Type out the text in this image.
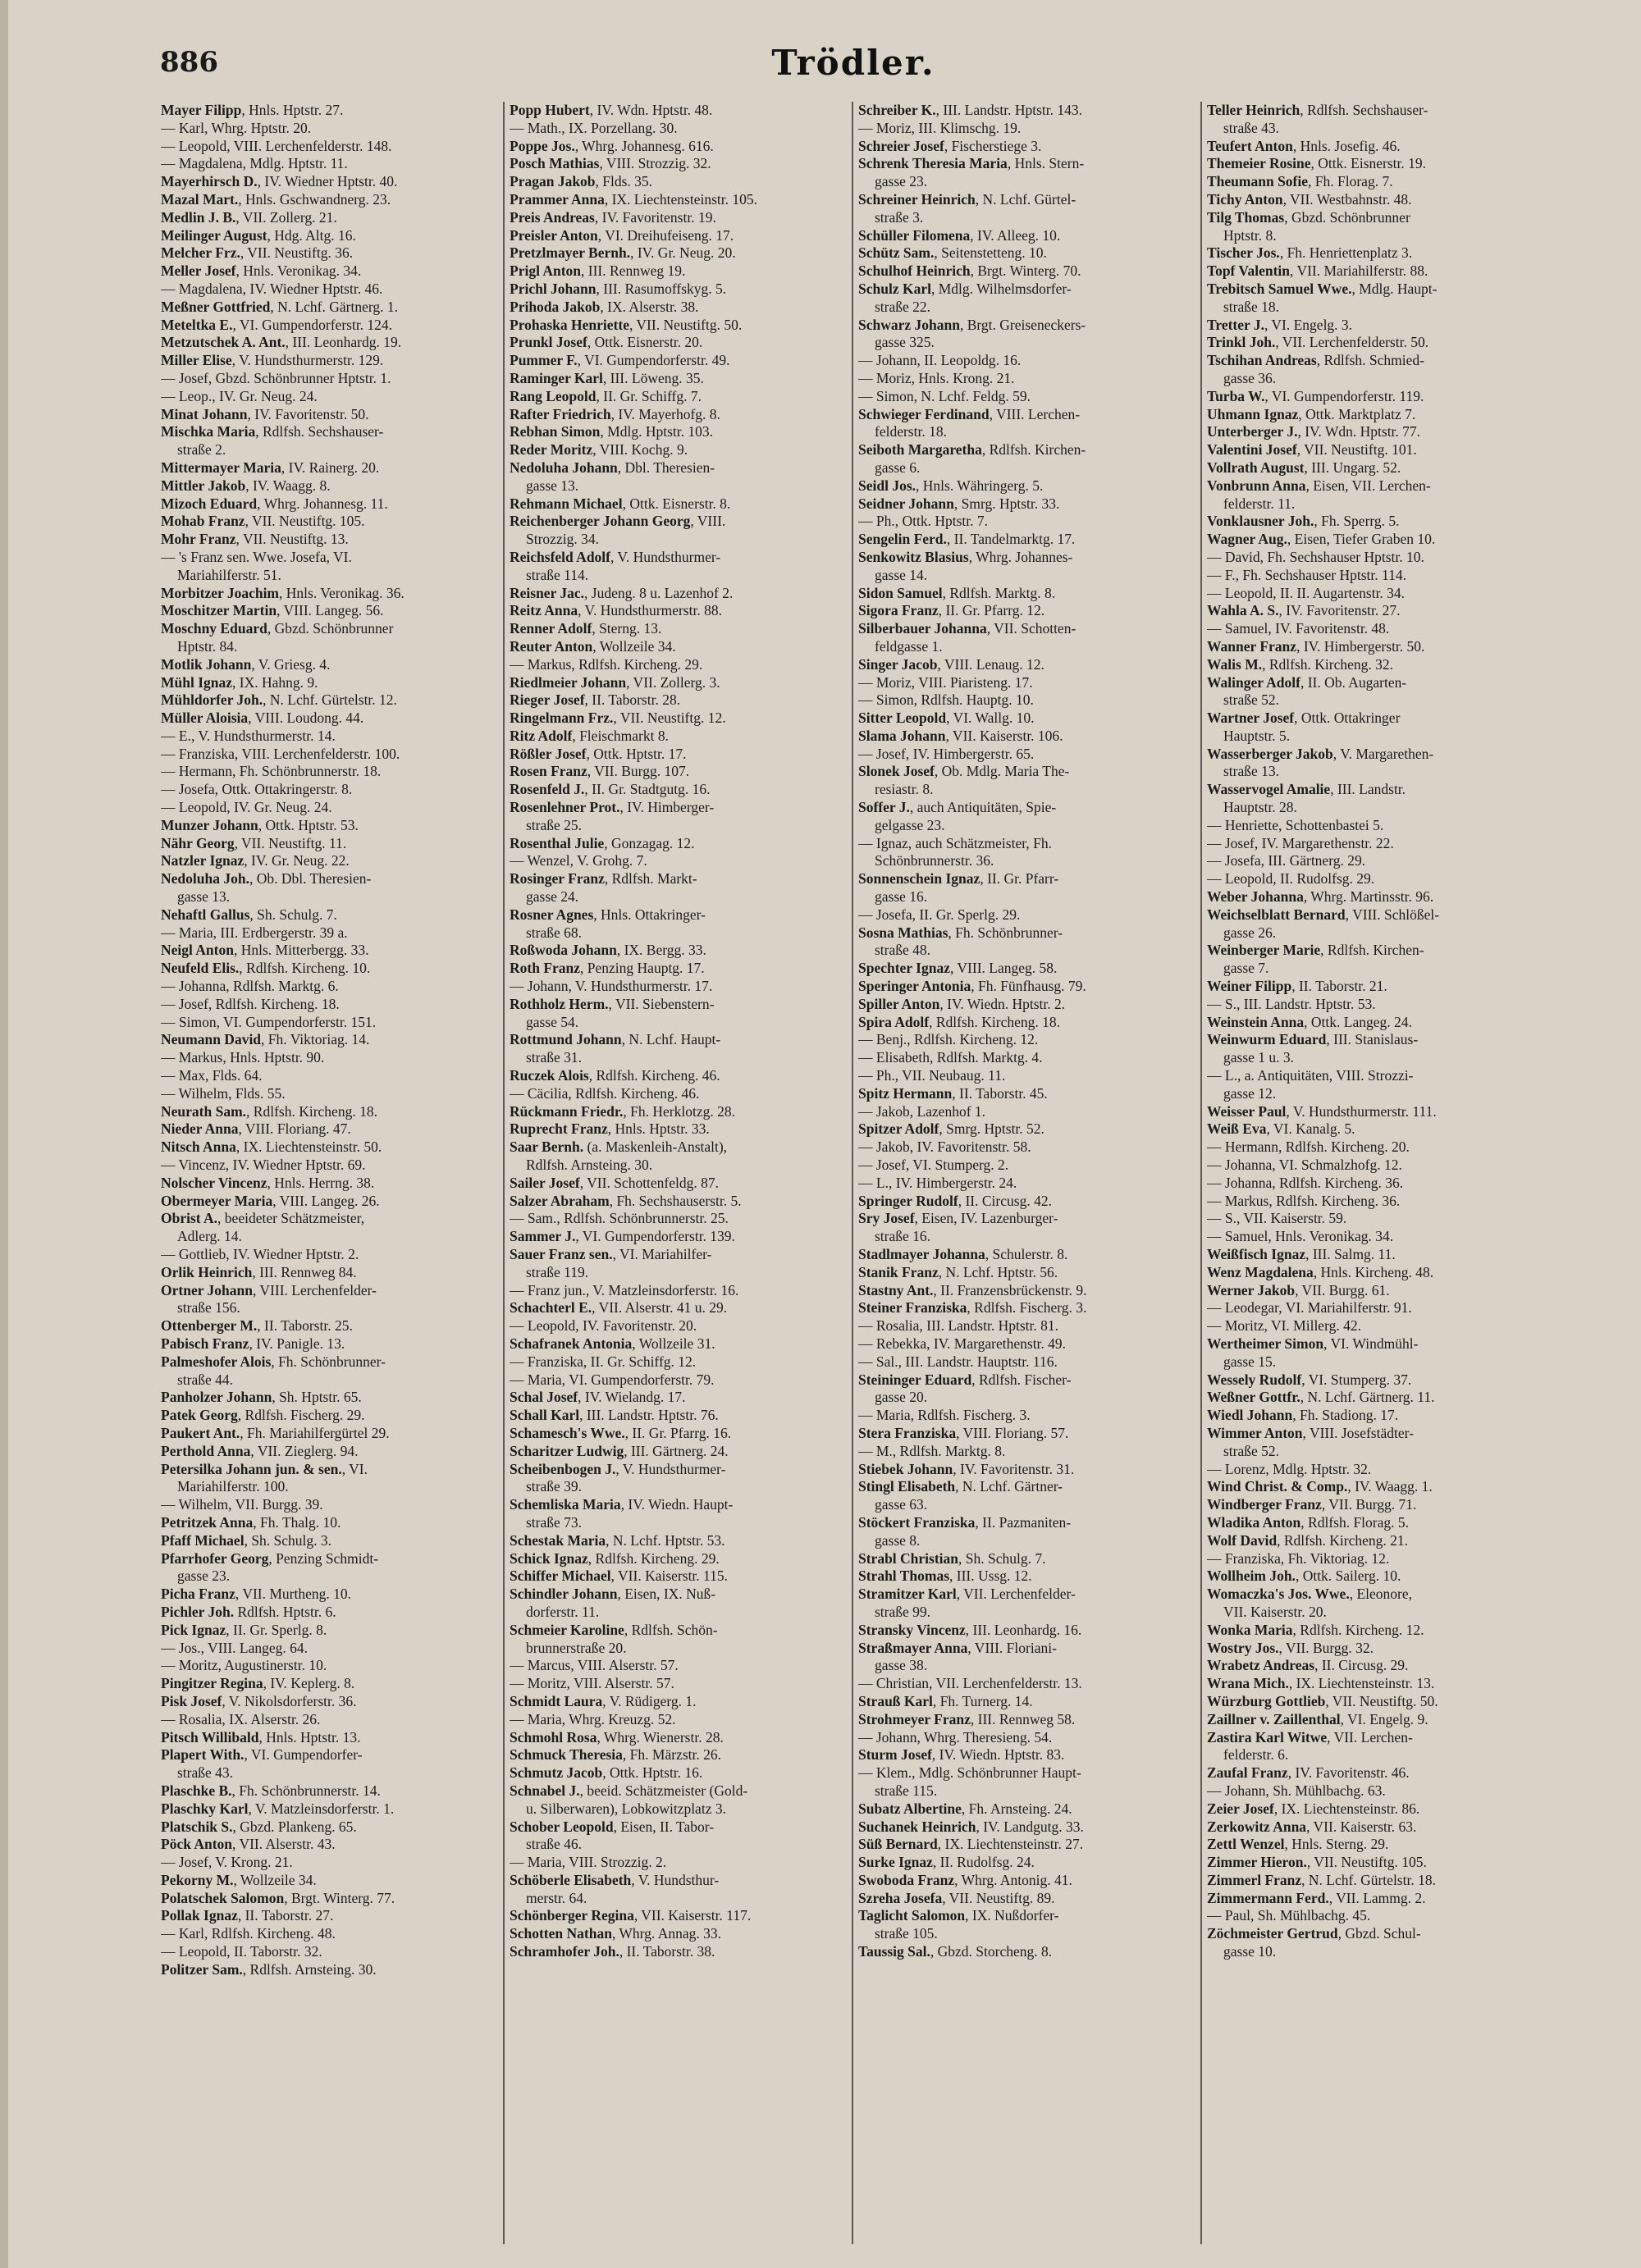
886	Trödler.
Mayer Filipp, Hnls. Hptstr. 27.
— Karl, Whrg. Hptstr. 20.
— Leopold, VIII. Lerchenfelderstr. 148.
— Magdalena, Mdlg. Hptstr. 11.
Mayerhirsch D., IV. Wiedner Hptstr. 40.
Mazal Mart., Hnls. Gschwandnerg. 23.
Medlin J. B., VII. Zollerg. 21.
Meilinger August, Hdg. Altg. 16.
Melcher Frz., VII. Neustiftg. 36.
Meller Josef, Hnls. Veronikag. 34.
— Magdalena, IV. Wiedner Hptstr. 46.
Meßner Gottfried, N. Lchf. Gärtnerg. 1.
Meteltka E., VI. Gumpendorferstr. 124.
Metzutschek A. Ant., III. Leonhardg. 19.
Miller Elise, V. Hundsthurmerstr. 129.
— Josef, Gbzd. Schönbrunner Hptstr. 1.
— Leop., IV. Gr. Neug. 24.
Minat Johann, IV. Favoritenstr. 50.
Mischka Maria, Rdlfsh. Sechshauser-
straße 2.
Mittermayer Maria, IV. Rainerg. 20.
Mittler Jakob, IV. Waagg. 8.
Mizoch Eduard, Whrg. Johannesg. 11.
Mohab Franz, VII. Neustiftg. 105.
Mohr Franz, VII. Neustiftg. 13.
— 's Franz sen. Wwe. Josefa, VI.
Mariahilferstr. 51.
Morbitzer Joachim, Hnls. Veronikag. 36.
Moschitzer Martin, VIII. Langeg. 56.
Moschny Eduard, Gbzd. Schönbrunner
Hptstr. 84.
Motlik Johann, V. Griesg. 4.
Mühl Ignaz, IX. Hahng. 9.
Mühldorfer Joh., N. Lchf. Gürtelstr. 12.
Müller Aloisia, VIII. Loudong. 44.
— E., V. Hundsthurmerstr. 14.
— Franziska, VIII. Lerchenfelderstr. 100.
— Hermann, Fh. Schönbrunnerstr. 18.
— Josefa, Ottk. Ottakringerstr. 8.
— Leopold, IV. Gr. Neug. 24.
Munzer Johann, Ottk. Hptstr. 53.
Nähr Georg, VII. Neustiftg. 11.
Natzler Ignaz, IV. Gr. Neug. 22.
Nedoluha Joh., Ob. Dbl. Theresien-
gasse 13.
Nehaftl Gallus, Sh. Schulg. 7.
— Maria, III. Erdbergerstr. 39 a.
Neigl Anton, Hnls. Mitterbergg. 33.
Neufeld Elis., Rdlfsh. Kircheng. 10.
— Johanna, Rdlfsh. Marktg. 6.
— Josef, Rdlfsh. Kircheng. 18.
— Simon, VI. Gumpendorferstr. 151.
Neumann David, Fh. Viktoriag. 14.
— Markus, Hnls. Hptstr. 90.
— Max, Flds. 64.
— Wilhelm, Flds. 55.
Neurath Sam., Rdlfsh. Kircheng. 18.
Nieder Anna, VIII. Floriang. 47.
Nitsch Anna, IX. Liechtensteinstr. 50.
— Vincenz, IV. Wiedner Hptstr. 69.
Nolscher Vincenz, Hnls. Herrng. 38.
Obermeyer Maria, VIII. Langeg. 26.
Obrist A., beeideter Schätzmeister,
Adlerg. 14.
— Gottlieb, IV. Wiedner Hptstr. 2.
Orlik Heinrich, III. Rennweg 84.
Ortner Johann, VIII. Lerchenfelder-
straße 156.
Ottenberger M., II. Taborstr. 25.
Pabisch Franz, IV. Panigle. 13.
Palmeshofer Alois, Fh. Schönbrunner-
straße 44.
Panholzer Johann, Sh. Hptstr. 65.
Patek Georg, Rdlfsh. Fischerg. 29.
Paukert Ant., Fh. Mariahilfergürtel 29.
Perthold Anna, VII. Zieglerg. 94.
Petersilka Johann jun. & sen., VI.
Mariahilferstr. 100.
— Wilhelm, VII. Burgg. 39.
Petritzek Anna, Fh. Thalg. 10.
Pfaff Michael, Sh. Schulg. 3.
Pfarrhofer Georg, Penzing Schmidt-
gasse 23.
Picha Franz, VII. Murtheng. 10.
Pichler Joh. Rdlfsh. Hptstr. 6.
Pick Ignaz, II. Gr. Sperlg. 8.
— Jos., VIII. Langeg. 64.
— Moritz, Augustinerstr. 10.
Pingitzer Regina, IV. Keplerg. 8.
Pisk Josef, V. Nikolsdorferstr. 36.
— Rosalia, IX. Alserstr. 26.
Pitsch Willibald, Hnls. Hptstr. 13.
Plapert With., VI. Gumpendorfer-
straße 43.
Plaschke B., Fh. Schönbrunnerstr. 14.
Plaschky Karl, V. Matzleinsdorferstr. 1.
Platschik S., Gbzd. Plankeng. 65.
Pöck Anton, VII. Alserstr. 43.
— Josef, V. Krong. 21.
Pekorny M., Wollzeile 34.
Polatschek Salomon, Brgt. Winterg. 77.
Pollak Ignaz, II. Taborstr. 27.
— Karl, Rdlfsh. Kircheng. 48.
— Leopold, II. Taborstr. 32.
Politzer Sam., Rdlfsh. Arnsteing. 30.
Popp Hubert, IV. Wdn. Hptstr. 48.
— Math., IX. Porzellang. 30.
Poppe Jos., Whrg. Johannesg. 616.
Posch Mathias, VIII. Strozzig. 32.
Pragan Jakob, Flds. 35.
Prammer Anna, IX. Liechtensteinstr. 105.
Preis Andreas, IV. Favoritenstr. 19.
Preisler Anton, VI. Dreihufeiseng. 17.
Pretzlmayer Bernh., IV. Gr. Neug. 20.
Prigl Anton, III. Rennweg 19.
Prichl Johann, III. Rasumoffskyg. 5.
Prihoda Jakob, IX. Alserstr. 38.
Prohaska Henriette, VII. Neustiftg. 50.
Prunkl Josef, Ottk. Eisnerstr. 20.
Pummer F., VI. Gumpendorferstr. 49.
Raminger Karl, III. Löweng. 35.
Rang Leopold, II. Gr. Schiffg. 7.
Rafter Friedrich, IV. Mayerhofg. 8.
Rebhan Simon, Mdlg. Hptstr. 103.
Reder Moritz, VIII. Kochg. 9.
Nedoluha Johann, Dbl. Theresien-
gasse 13.
Rehmann Michael, Ottk. Eisnerstr. 8.
Reichenberger Johann Georg, VIII.
Strozzig. 34.
Reichsfeld Adolf, V. Hundsthurmer-
straße 114.
Reisner Jac., Judeng. 8 u. Lazenhof 2.
Reitz Anna, V. Hundsthurmerstr. 88.
Renner Adolf, Sterng. 13.
Reuter Anton, Wollzeile 34.
— Markus, Rdlfsh. Kircheng. 29.
Riedlmeier Johann, VII. Zollerg. 3.
Rieger Josef, II. Taborstr. 28.
Ringelmann Frz., VII. Neustiftg. 12.
Ritz Adolf, Fleischmarkt 8.
Rößler Josef, Ottk. Hptstr. 17.
Rosen Franz, VII. Burgg. 107.
Rosenfeld J., II. Gr. Stadtgutg. 16.
Rosenlehner Prot., IV. Himberger-
straße 25.
Rosenthal Julie, Gonzagag. 12.
— Wenzel, V. Grohg. 7.
Rosinger Franz, Rdlfsh. Markt-
gasse 24.
Rosner Agnes, Hnls. Ottakringer-
straße 68.
Roßwoda Johann, IX. Bergg. 33.
Roth Franz, Penzing Hauptg. 17.
— Johann, V. Hundsthurmerstr. 17.
Rothholz Herm., VII. Siebenstern-
gasse 54.
Rottmund Johann, N. Lchf. Haupt-
straße 31.
Ruczek Alois, Rdlfsh. Kircheng. 46.
— Cäcilia, Rdlfsh. Kircheng. 46.
Rückmann Friedr., Fh. Herklotzg. 28.
Ruprecht Franz, Hnls. Hptstr. 33.
Saar Bernh. (a. Maskenleih-Anstalt),
Rdlfsh. Arnsteing. 30.
Sailer Josef, VII. Schottenfeldg. 87.
Salzer Abraham, Fh. Sechshauserstr. 5.
— Sam., Rdlfsh. Schönbrunnerstr. 25.
Sammer J., VI. Gumpendorferstr. 139.
Sauer Franz sen., VI. Mariahilfer-
straße 119.
— Franz jun., V. Matzleinsdorferstr. 16.
Schachterl E., VII. Alserstr. 41 u. 29.
— Leopold, IV. Favoritenstr. 20.
Schafranek Antonia, Wollzeile 31.
— Franziska, II. Gr. Schiffg. 12.
— Maria, VI. Gumpendorferstr. 79.
Schal Josef, IV. Wielandg. 17.
Schall Karl, III. Landstr. Hptstr. 76.
Schamesch's Wwe., II. Gr. Pfarrg. 16.
Scharitzer Ludwig, III. Gärtnerg. 24.
Scheibenbogen J., V. Hundsthurmer-
straße 39.
Schemliska Maria, IV. Wiedn. Haupt-
straße 73.
Schestak Maria, N. Lchf. Hptstr. 53.
Schick Ignaz, Rdlfsh. Kircheng. 29.
Schiffer Michael, VII. Kaiserstr. 115.
Schindler Johann, Eisen, IX. Nuß-
dorferstr. 11.
Schmeier Karoline, Rdlfsh. Schön-
brunnerstraße 20.
— Marcus, VIII. Alserstr. 57.
— Moritz, VIII. Alserstr. 57.
Schmidt Laura, V. Rüdigerg. 1.
— Maria, Whrg. Kreuzg. 52.
Schmohl Rosa, Whrg. Wienerstr. 28.
Schmuck Theresia, Fh. Märzstr. 26.
Schmutz Jacob, Ottk. Hptstr. 16.
Schnabel J., beeid. Schätzmeister (Gold-
u. Silberwaren), Lobkowitzplatz 3.
Schober Leopold, Eisen, II. Tabor-
straße 46.
— Maria, VIII. Strozzig. 2.
Schöberle Elisabeth, V. Hundsthur-
merstr. 64.
Schönberger Regina, VII. Kaiserstr. 117.
Schotten Nathan, Whrg. Annag. 33.
Schramhofer Joh., II. Taborstr. 38.
Schreiber K., III. Landstr. Hptstr. 143.
— Moriz, III. Klimschg. 19.
Schreier Josef, Fischerstiege 3.
Schrenk Theresia Maria, Hnls. Stern-
gasse 23.
Schreiner Heinrich, N. Lchf. Gürtel-
straße 3.
Schüller Filomena, IV. Alleeg. 10.
Schütz Sam., Seitenstetteng. 10.
Schulhof Heinrich, Brgt. Winterg. 70.
Schulz Karl, Mdlg. Wilhelmsdorfer-
straße 22.
Schwarz Johann, Brgt. Greiseneckers-
gasse 325.
— Johann, II. Leopoldg. 16.
— Moriz, Hnls. Krong. 21.
— Simon, N. Lchf. Feldg. 59.
Schwieger Ferdinand, VIII. Lerchen-
felderstr. 18.
Seiboth Margaretha, Rdlfsh. Kirchen-
gasse 6.
Seidl Jos., Hnls. Währingerg. 5.
Seidner Johann, Smrg. Hptstr. 33.
— Ph., Ottk. Hptstr. 7.
Sengelin Ferd., II. Tandelmarktg. 17.
Senkowitz Blasius, Whrg. Johannes-
gasse 14.
Sidon Samuel, Rdlfsh. Marktg. 8.
Sigora Franz, II. Gr. Pfarrg. 12.
Silberbauer Johanna, VII. Schotten-
feldgasse 1.
Singer Jacob, VIII. Lenaug. 12.
— Moriz, VIII. Piaristeng. 17.
— Simon, Rdlfsh. Hauptg. 10.
Sitter Leopold, VI. Wallg. 10.
Slama Johann, VII. Kaiserstr. 106.
— Josef, IV. Himbergerstr. 65.
Slonek Josef, Ob. Mdlg. Maria The-
resiastr. 8.
Soffer J., auch Antiquitäten, Spie-
gelgasse 23.
— Ignaz, auch Schätzmeister, Fh.
Schönbrunnerstr. 36.
Sonnenschein Ignaz, II. Gr. Pfarr-
gasse 16.
— Josefa, II. Gr. Sperlg. 29.
Sosna Mathias, Fh. Schönbrunner-
straße 48.
Spechter Ignaz, VIII. Langeg. 58.
Speringer Antonia, Fh. Fünfhausg. 79.
Spiller Anton, IV. Wiedn. Hptstr. 2.
Spira Adolf, Rdlfsh. Kircheng. 18.
— Benj., Rdlfsh. Kircheng. 12.
— Elisabeth, Rdlfsh. Marktg. 4.
— Ph., VII. Neubaug. 11.
Spitz Hermann, II. Taborstr. 45.
— Jakob, Lazenhof 1.
Spitzer Adolf, Smrg. Hptstr. 52.
— Jakob, IV. Favoritenstr. 58.
— Josef, VI. Stumperg. 2.
— L., IV. Himbergerstr. 24.
Springer Rudolf, II. Circusg. 42.
Sry Josef, Eisen, IV. Lazenburger-
straße 16.
Stadlmayer Johanna, Schulerstr. 8.
Stanik Franz, N. Lchf. Hptstr. 56.
Stastny Ant., II. Franzensbrückenstr. 9.
Steiner Franziska, Rdlfsh. Fischerg. 3.
— Rosalia, III. Landstr. Hptstr. 81.
— Rebekka, IV. Margarethenstr. 49.
— Sal., III. Landstr. Hauptstr. 116.
Steininger Eduard, Rdlfsh. Fischer-
gasse 20.
— Maria, Rdlfsh. Fischerg. 3.
Stera Franziska, VIII. Floriang. 57.
— M., Rdlfsh. Marktg. 8.
Stiebek Johann, IV. Favoritenstr. 31.
Stingl Elisabeth, N. Lchf. Gärtner-
gasse 63.
Stöckert Franziska, II. Pazmaniten-
gasse 8.
Strabl Christian, Sh. Schulg. 7.
Strahl Thomas, III. Ussg. 12.
Stramitzer Karl, VII. Lerchenfelder-
straße 99.
Stransky Vincenz, III. Leonhardg. 16.
Straßmayer Anna, VIII. Floriani-
gasse 38.
— Christian, VII. Lerchenfelderstr. 13.
Strauß Karl, Fh. Turnerg. 14.
Strohmeyer Franz, III. Rennweg 58.
— Johann, Whrg. Theresieng. 54.
Sturm Josef, IV. Wiedn. Hptstr. 83.
— Klem., Mdlg. Schönbrunner Haupt-
straße 115.
Subatz Albertine, Fh. Arnsteing. 24.
Suchanek Heinrich, IV. Landgutg. 33.
Süß Bernard, IX. Liechtensteinstr. 27.
Surke Ignaz, II. Rudolfsg. 24.
Swoboda Franz, Whrg. Antonig. 41.
Szreha Josefa, VII. Neustiftg. 89.
Taglicht Salomon, IX. Nußdorfer-
straße 105.
Taussig Sal., Gbzd. Storcheng. 8.
Teller Heinrich, Rdlfsh. Sechshauser-
straße 43.
Teufert Anton, Hnls. Josefig. 46.
Themeier Rosine, Ottk. Eisnerstr. 19.
Theumann Sofie, Fh. Florag. 7.
Tichy Anton, VII. Westbahnstr. 48.
Tilg Thomas, Gbzd. Schönbrunner
Hptstr. 8.
Tischer Jos., Fh. Henriettenplatz 3.
Topf Valentin, VII. Mariahilferstr. 88.
Trebitsch Samuel Wwe., Mdlg. Haupt-
straße 18.
Tretter J., VI. Engelg. 3.
Trinkl Joh., VII. Lerchenfelderstr. 50.
Tschihan Andreas, Rdlfsh. Schmied-
gasse 36.
Turba W., VI. Gumpendorferstr. 119.
Uhmann Ignaz, Ottk. Marktplatz 7.
Unterberger J., IV. Wdn. Hptstr. 77.
Valentini Josef, VII. Neustiftg. 101.
Vollrath August, III. Ungarg. 52.
Vonbrunn Anna, Eisen, VII. Lerchen-
felderstr. 11.
Vonklausner Joh., Fh. Sperrg. 5.
Wagner Aug., Eisen, Tiefer Graben 10.
— David, Fh. Sechshauser Hptstr. 10.
— F., Fh. Sechshauser Hptstr. 114.
— Leopold, II. II. Augartenstr. 34.
Wahla A. S., IV. Favoritenstr. 27.
— Samuel, IV. Favoritenstr. 48.
Wanner Franz, IV. Himbergerstr. 50.
Walis M., Rdlfsh. Kircheng. 32.
Walinger Adolf, II. Ob. Augarten-
straße 52.
Wartner Josef, Ottk. Ottakringer
Hauptstr. 5.
Wasserberger Jakob, V. Margarethen-
straße 13.
Wasservogel Amalie, III. Landstr.
Hauptstr. 28.
— Henriette, Schottenbastei 5.
— Josef, IV. Margarethenstr. 22.
— Josefa, III. Gärtnerg. 29.
— Leopold, II. Rudolfsg. 29.
Weber Johanna, Whrg. Martinsstr. 96.
Weichselblatt Bernard, VIII. Schlößel-
gasse 26.
Weinberger Marie, Rdlfsh. Kirchen-
gasse 7.
Weiner Filipp, II. Taborstr. 21.
— S., III. Landstr. Hptstr. 53.
Weinstein Anna, Ottk. Langeg. 24.
Weinwurm Eduard, III. Stanislaus-
gasse 1 u. 3.
— L., a. Antiquitäten, VIII. Strozzi-
gasse 12.
Weisser Paul, V. Hundsthurmerstr. 111.
Weiß Eva, VI. Kanalg. 5.
— Hermann, Rdlfsh. Kircheng. 20.
— Johanna, VI. Schmalzhofg. 12.
— Johanna, Rdlfsh. Kircheng. 36.
— Markus, Rdlfsh. Kircheng. 36.
— S., VII. Kaiserstr. 59.
— Samuel, Hnls. Veronikag. 34.
Weißfisch Ignaz, III. Salmg. 11.
Wenz Magdalena, Hnls. Kircheng. 48.
Werner Jakob, VII. Burgg. 61.
— Leodegar, VI. Mariahilferstr. 91.
— Moritz, VI. Millerg. 42.
Wertheimer Simon, VI. Windmühl-
gasse 15.
Wessely Rudolf, VI. Stumperg. 37.
Weßner Gottfr., N. Lchf. Gärtnerg. 11.
Wiedl Johann, Fh. Stadiong. 17.
Wimmer Anton, VIII. Josefstädter-
straße 52.
— Lorenz, Mdlg. Hptstr. 32.
Wind Christ. & Comp., IV. Waagg. 1.
Windberger Franz, VII. Burgg. 71.
Wladika Anton, Rdlfsh. Florag. 5.
Wolf David, Rdlfsh. Kircheng. 21.
— Franziska, Fh. Viktoriag. 12.
Wollheim Joh., Ottk. Sailerg. 10.
Womaczka's Jos. Wwe., Eleonore,
VII. Kaiserstr. 20.
Wonka Maria, Rdlfsh. Kircheng. 12.
Wostry Jos., VII. Burgg. 32.
Wrabetz Andreas, II. Circusg. 29.
Wrana Mich., IX. Liechtensteinstr. 13.
Würzburg Gottlieb, VII. Neustiftg. 50.
Zaillner v. Zaillenthal, VI. Engelg. 9.
Zastira Karl Witwe, VII. Lerchen-
felderstr. 6.
Zaufal Franz, IV. Favoritenstr. 46.
— Johann, Sh. Mühlbachg. 63.
Zeier Josef, IX. Liechtensteinstr. 86.
Zerkowitz Anna, VII. Kaiserstr. 63.
Zettl Wenzel, Hnls. Sterng. 29.
Zimmer Hieron., VII. Neustiftg. 105.
Zimmerl Franz, N. Lchf. Gürtelstr. 18.
Zimmermann Ferd., VII. Lammg. 2.
— Paul, Sh. Mühlbachg. 45.
Zöchmeister Gertrud, Gbzd. Schul-
gasse 10.
